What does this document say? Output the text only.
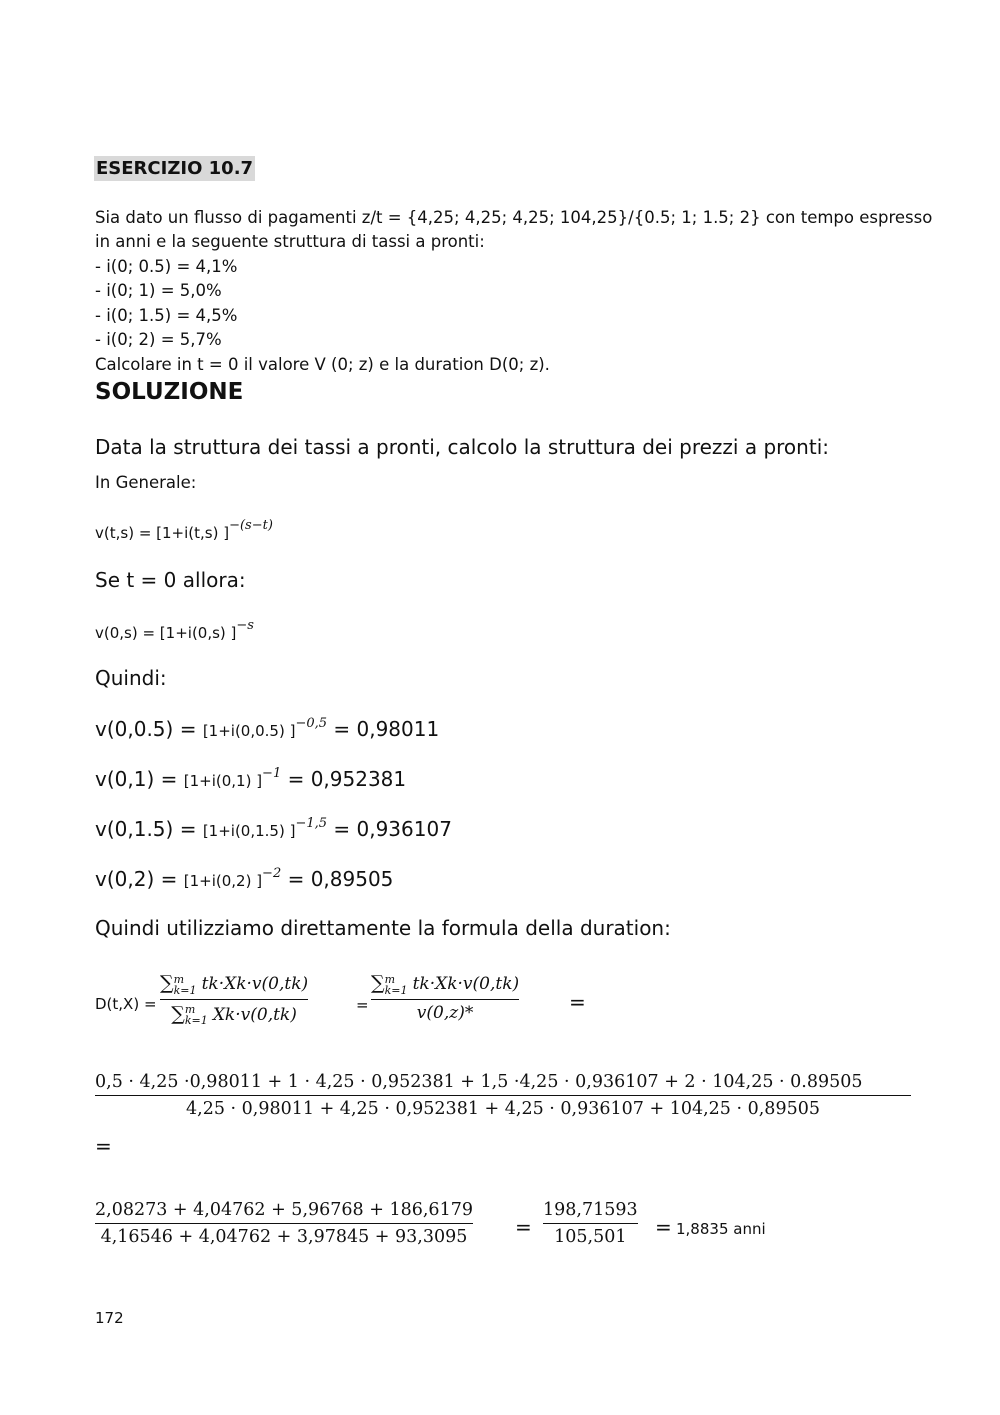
ESERCIZIO 10.7
Sia dato un flusso di pagamenti z/t = {4,25; 4,25; 4,25; 104,25}/{0.5; 1; 1.5; 2} con tempo espresso
in anni e la seguente struttura di tassi a pronti:
- i(0; 0.5) = 4,1%
- i(0; 1) = 5,0%
- i(0; 1.5) = 4,5%
- i(0; 2) = 5,7%
Calcolare in t = 0 il valore V (0; z) e la duration D(0; z).
SOLUZIONE
Data la struttura dei tassi a pronti, calcolo la struttura dei prezzi a pronti:
In Generale:
v(t,s) = [1+i(t,s) ]$^{-(s-t)}$
Se t = 0 allora:
v(0,s) = [1+i(0,s) ]$^{-s}$
Quindi:
v(0,0.5) = [1+i(0,0.5) ]$^{-0,5}$ = 0,98011
v(0,1) = [1+i(0,1) ]$^{-1}$ = 0,952381
v(0,1.5) = [1+i(0,1.5) ]$^{-1,5}$ = 0,936107
v(0,2) = [1+i(0,2) ]$^{-2}$ = 0,89505
Quindi utilizziamo direttamente la formula della duration:
D(t,X) =
∑m
k=1 tk·Xk·v(0,tk)
∑m
k=1 Xk·v(0,tk)	=
∑m
k=1 tk·Xk·v(0,tk)
v(0,z)*	=
0,5 · 4,25 ·0,98011 + 1 · 4,25 · 0,952381 + 1,5 ·4,25 · 0,936107 + 2 · 104,25 · 0.89505
4,25 · 0,98011 + 4,25 · 0,952381 + 4,25 · 0,936107 + 104,25 · 0,89505
=
2,08273 + 4,04762 + 5,96768 + 186,6179
4,16546 + 4,04762 + 3,97845 + 93,3095 =
198,71593
105,501	= 1,8835 anni
172
